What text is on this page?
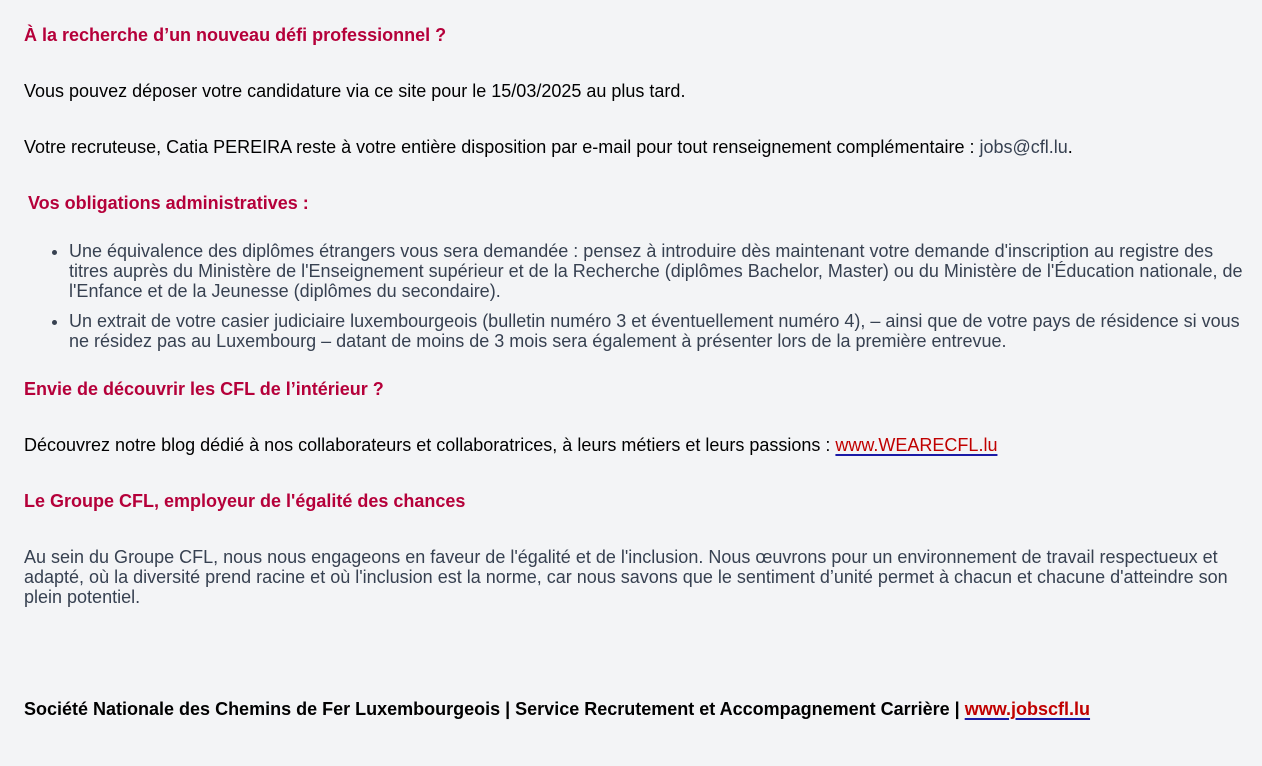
À la recherche d’un nouveau défi professionnel ?

Vous pouvez déposer votre candidature via ce site pour le 15/03/2025 au plus tard.

Votre recruteuse, Catia PEREIRA reste à votre entière disposition par e-mail pour tout renseignement complémentaire : jobs@cfl.lu.

Vos obligations administratives :
• Une équivalence des diplômes étrangers vous sera demandée : pensez à introduire dès maintenant votre demande d'inscription au registre des titres auprès du Ministère de l'Enseignement supérieur et de la Recherche (diplômes Bachelor, Master) ou du Ministère de l'Éducation nationale, de l'Enfance et de la Jeunesse (diplômes du secondaire).
• Un extrait de votre casier judiciaire luxembourgeois (bulletin numéro 3 et éventuellement numéro 4), – ainsi que de votre pays de résidence si vous ne résidez pas au Luxembourg – datant de moins de 3 mois sera également à présenter lors de la première entrevue.
Envie de découvrir les CFL de l’intérieur ?

Découvrez notre blog dédié à nos collaborateurs et collaboratrices, à leurs métiers et leurs passions : www.WEARECFL.lu

Le Groupe CFL, employeur de l'égalité des chances

Au sein du Groupe CFL, nous nous engageons en faveur de l'égalité et de l'inclusion. Nous œuvrons pour un environnement de travail respectueux et adapté, où la diversité prend racine et où l'inclusion est la norme, car nous savons que le sentiment d’unité permet à chacun et chacune d'atteindre son plein potentiel.

Société Nationale des Chemins de Fer Luxembourgeois | Service Recrutement et Accompagnement Carrière | www.jobscfl.lu
